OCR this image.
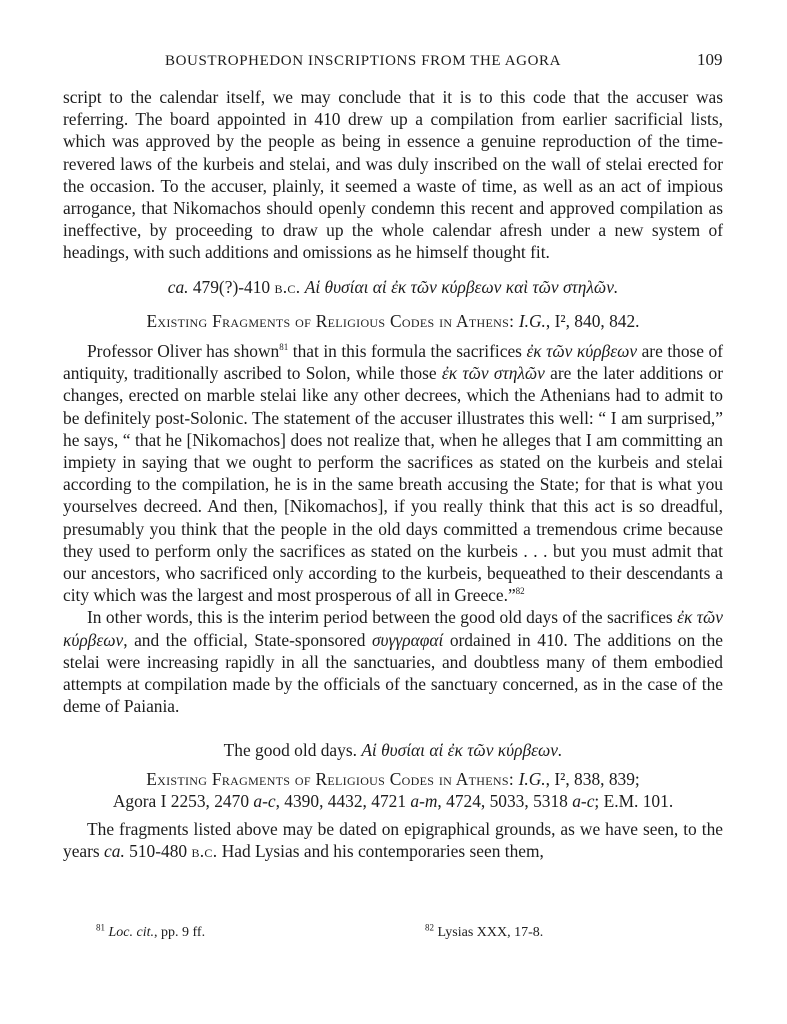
BOUSTROPHEDON INSCRIPTIONS FROM THE AGORA	109

script to the calendar itself, we may conclude that it is to this code that the accuser was referring. The board appointed in 410 drew up a compilation from earlier sacrificial lists, which was approved by the people as being in essence a genuine reproduction of the time-revered laws of the kurbeis and stelai, and was duly inscribed on the wall of stelai erected for the occasion. To the accuser, plainly, it seemed a waste of time, as well as an act of impious arrogance, that Nikomachos should openly condemn this recent and approved compilation as ineffective, by proceeding to draw up the whole calendar afresh under a new system of headings, with such additions and omissions as he himself thought fit.

ca. 479(?)-410 b.c. Αἱ θυσίαι αἱ ἐκ τῶν κύρβεων καὶ τῶν στηλῶν.
Existing Fragments of Religious Codes in Athens: I.G., I², 840, 842.

Professor Oliver has shown$^{81}$ that in this formula the sacrifices ἐκ τῶν κύρβεων are those of antiquity, traditionally ascribed to Solon, while those ἐκ τῶν στηλῶν are the later additions or changes, erected on marble stelai like any other decrees, which the Athenians had to admit to be definitely post-Solonic. The statement of the accuser illustrates this well: “ I am surprised,” he says, “ that he [Nikomachos] does not realize that, when he alleges that I am committing an impiety in saying that we ought to perform the sacrifices as stated on the kurbeis and stelai according to the compilation, he is in the same breath accusing the State; for that is what you yourselves decreed. And then, [Nikomachos], if you really think that this act is so dreadful, presumably you think that the people in the old days committed a tremendous crime because they used to perform only the sacrifices as stated on the kurbeis . . . but you must admit that our ancestors, who sacrificed only according to the kurbeis, bequeathed to their descendants a city which was the largest and most prosperous of all in Greece.”$^{82}$

In other words, this is the interim period between the good old days of the sacrifices ἐκ τῶν κύρβεων, and the official, State-sponsored συγγραφαί ordained in 410. The additions on the stelai were increasing rapidly in all the sanctuaries, and doubtless many of them embodied attempts at compilation made by the officials of the sanctuary concerned, as in the case of the deme of Paiania.

The good old days. Αἱ θυσίαι αἱ ἐκ τῶν κύρβεων.
Existing Fragments of Religious Codes in Athens: I.G., I², 838, 839;
Agora I 2253, 2470 a-c, 4390, 4432, 4721 a-m, 4724, 5033, 5318 a-c; E.M. 101.

The fragments listed above may be dated on epigraphical grounds, as we have seen, to the years ca. 510-480 b.c. Had Lysias and his contemporaries seen them,

$^{81}$ Loc. cit., pp. 9 ff.	$^{82}$ Lysias XXX, 17-8.
